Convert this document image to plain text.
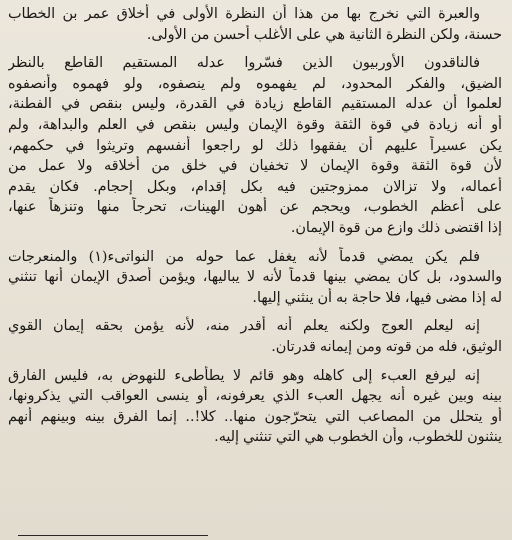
والعبرة التي نخرج بها من هذا أن النظرة الأولى في أخلاق عمر بن الخطاب
حسنة، ولكن النظرة الثانية هي على الأغلب أحسن من الأولى.

فالناقدون الأوربيون الذين فسّروا عدله المستقيم القاطع بالنظر
الضيق، والفكر المحدود، لم يفهموه ولم ينصفوه، ولو فهموه وأنصفوه
لعلموا أن عدله المستقيم القاطع زيادة في القدرة، وليس بنقص في الفطنة،
أو أنه زيادة في قوة الثقة وقوة الإيمان وليس بنقص في العلم والبداهة، ولم
يكن عسيراً عليهم أن يفقهوا ذلك لو راجعوا أنفسهم وتريثوا في حكمهم،
لأن قوة الثقة وقوة الإيمان لا تخفيان في خلق من أخلاقه ولا عمل من
أعماله، ولا تزالان ممزوجتين فيه بكل إقدام، وبكل إحجام. فكان يقدم
على أعظم الخطوب، ويحجم عن أهون الهينات، تحرجاً منها وتنزهاً عنها،
إذا اقتضى ذلك وازع من قوة الإيمان.

فلم يكن يمضي قدماً لأنه يغفل عما حوله من النواتىء(١) والمنعرجات
والسدود، بل كان يمضي بينها قدماً لأنه لا يباليها، ويؤمن أصدق الإيمان أنها تنثني
له إذا مضى فيها، فلا حاجة به أن ينثني إليها.

إنه ليعلم العوج ولكنه يعلم أنه أقدر منه، لأنه يؤمن بحقه إيمان القوي
الوثيق، فله من قوته ومن إيمانه قدرتان.

إنه ليرفع العبء إلى كاهله وهو قائم لا يطأطىء للنهوض به، فليس الفارق
بينه وبين غيره أنه يجهل العبء الذي يعرفونه، أو ينسى العواقب التي يذكرونها،
أو يتحلل من المصاعب التي يتحرّجون منها.. كلا!.. إنما الفرق بينه وبينهم أنهم
ينثنون للخطوب، وأن الخطوب هي التي تنثني إليه.
